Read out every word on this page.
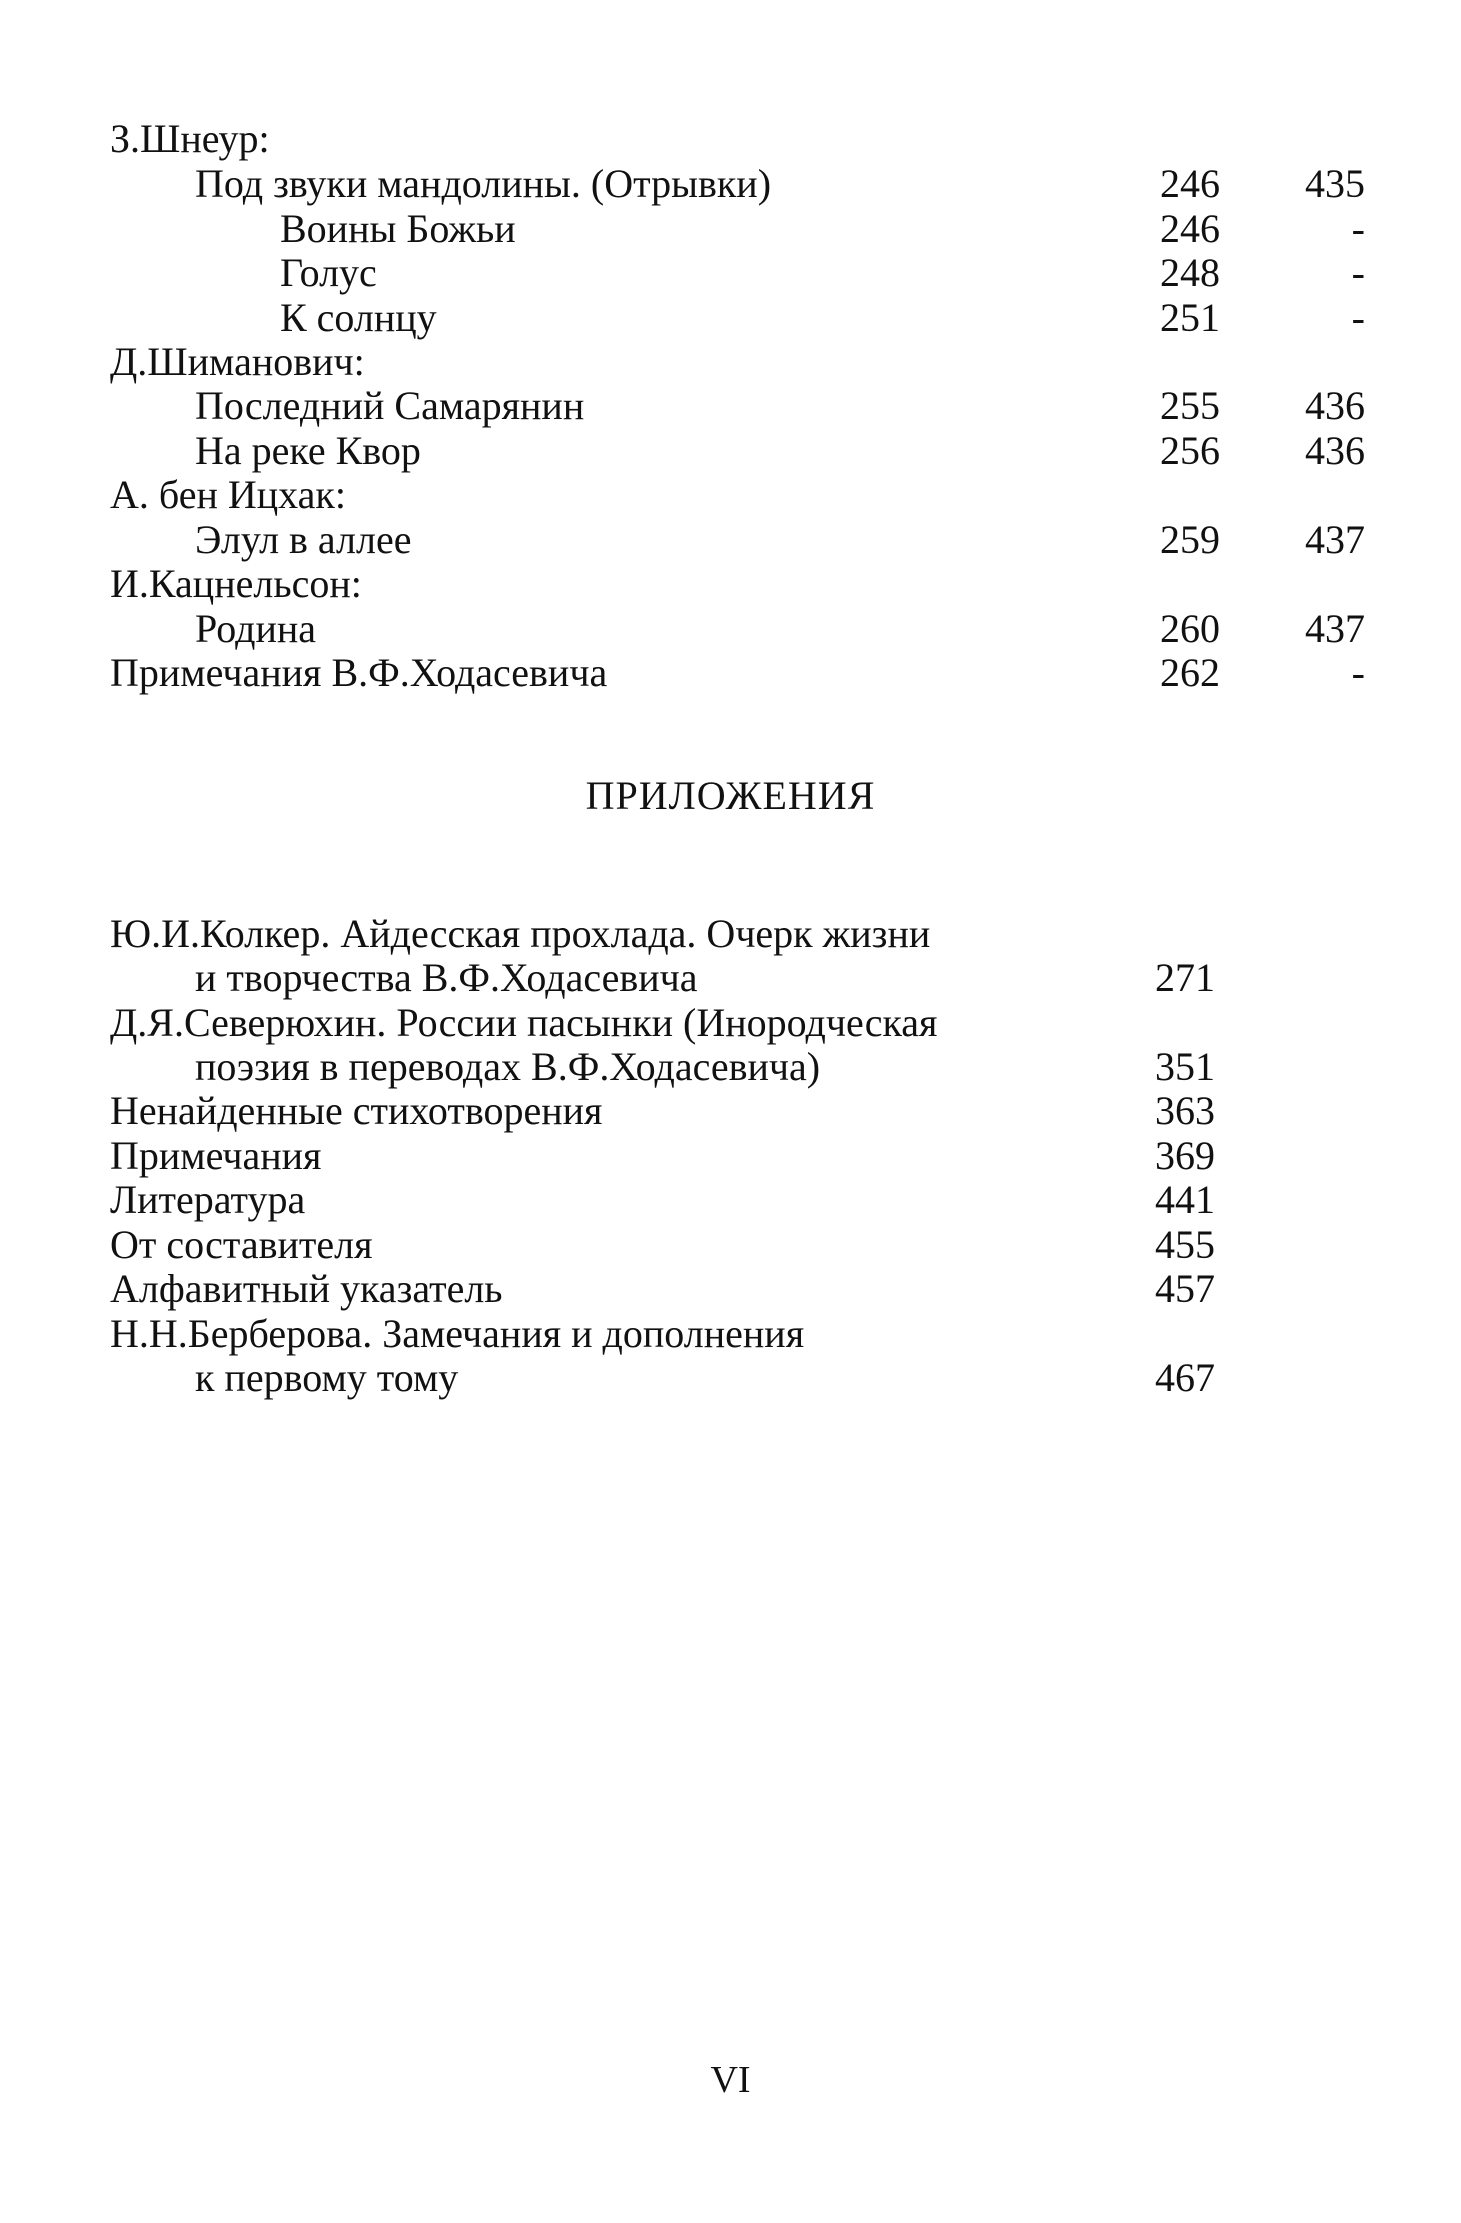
З.Шнеур:
Под звуки мандолины. (Отрывки)	246	435
Воины Божьи	246	-
Голус	248	-
К солнцу	251	-
Д.Шиманович:
Последний Самарянин	255	436
На реке Квор	256	436
А. бен Ицхак:
Элул в аллее	259	437
И.Кацнельсон:
Родина	260	437
Примечания В.Ф.Ходасевича	262	-
ПРИЛОЖЕНИЯ
Ю.И.Колкер. Айдесская прохлада. Очерк жизни
и творчества В.Ф.Ходасевича	271
Д.Я.Северюхин. России пасынки (Инородческая
поэзия в переводах В.Ф.Ходасевича)	351
Ненайденные стихотворения	363
Примечания	369
Литература	441
От составителя	455
Алфавитный указатель	457
Н.Н.Берберова. Замечания и дополнения
к первому тому	467
VI
